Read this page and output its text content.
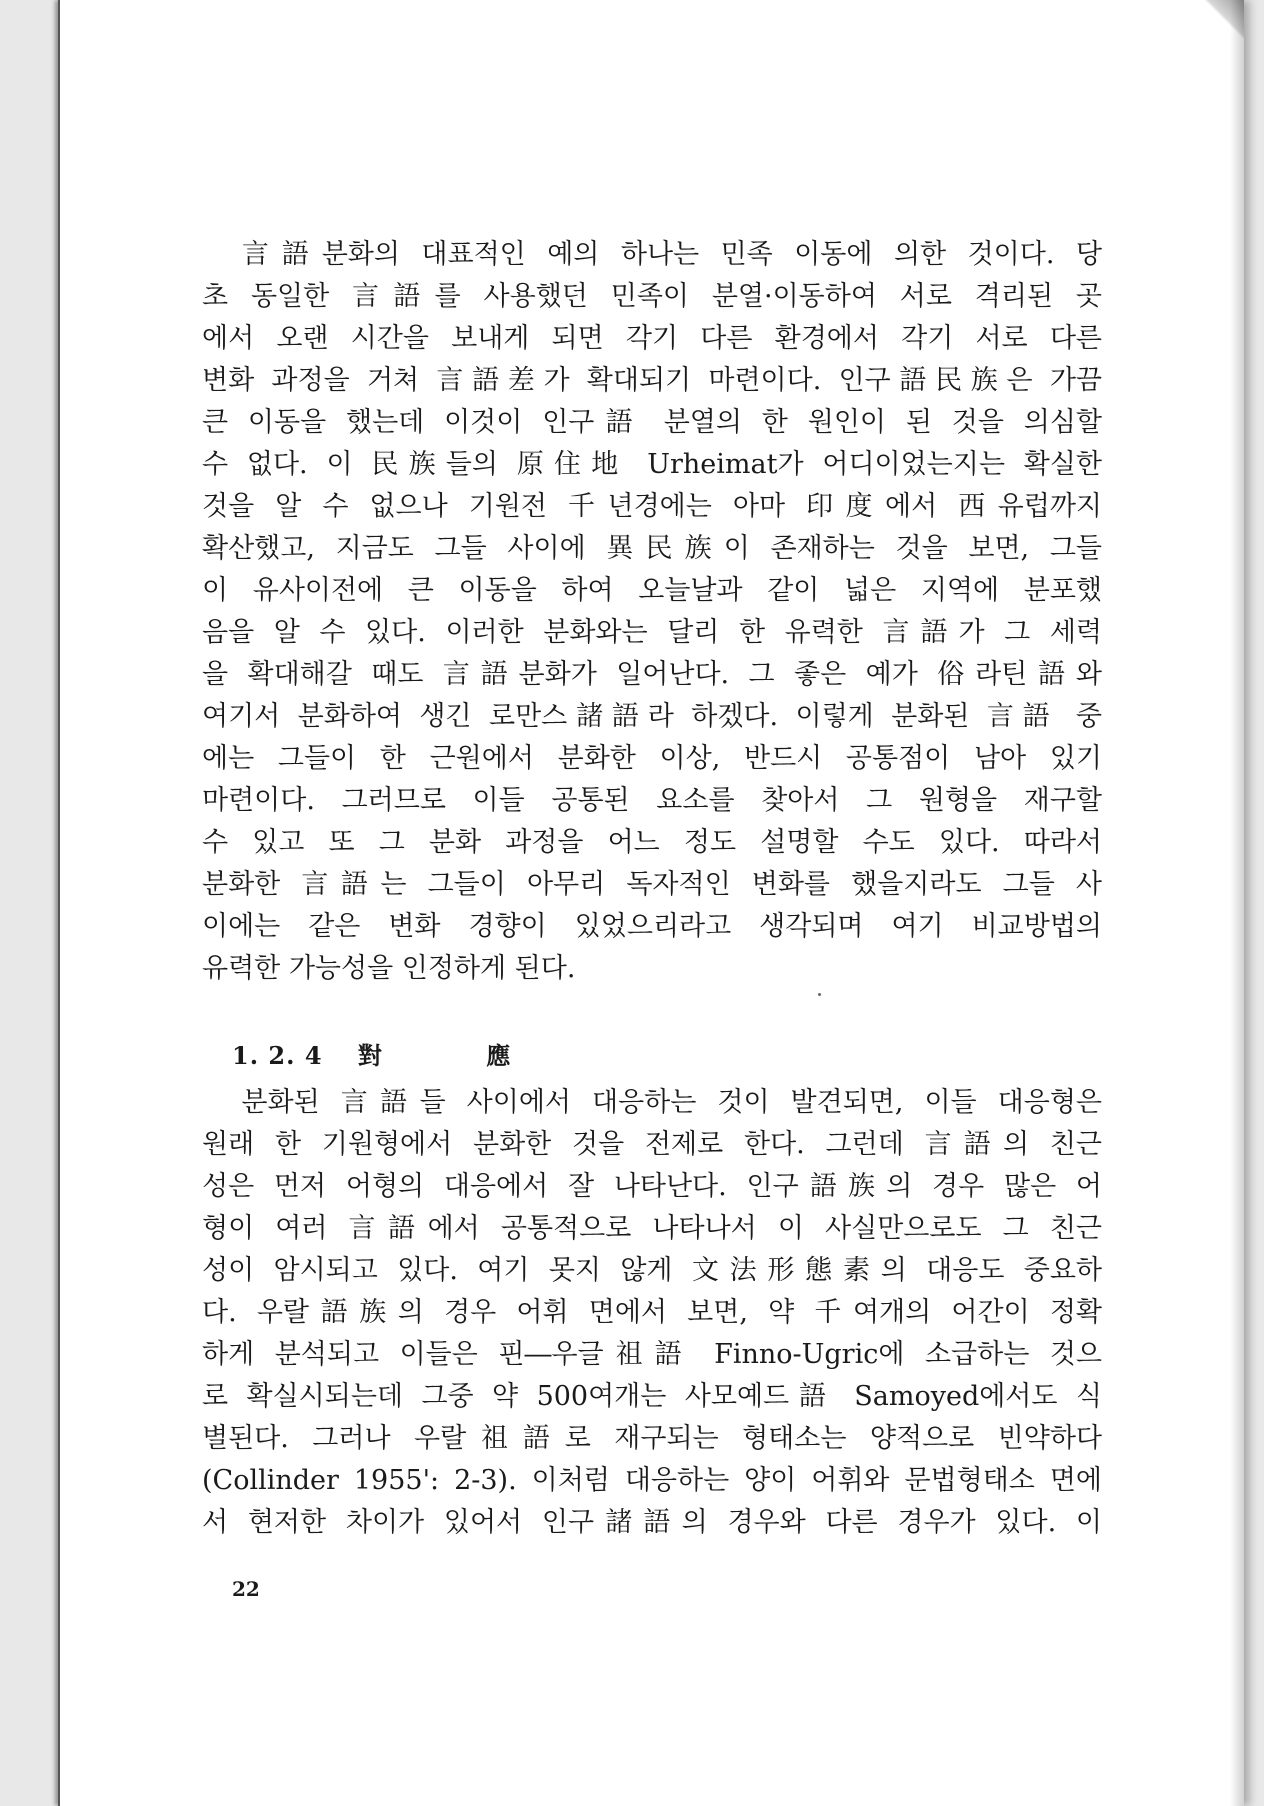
　言語분화의 대표적인 예의 하나는 민족 이동에 의한 것이다. 당
초 동일한 言語를 사용했던 민족이 분열·이동하여 서로 격리된 곳
에서 오랜 시간을 보내게 되면 각기 다른 환경에서 각기 서로 다른
변화 과정을 거쳐 言語差가 확대되기 마련이다. 인구語民族은 가끔
큰 이동을 했는데 이것이 인구語 분열의 한 원인이 된 것을 의심할
수 없다. 이 民族들의 原住地 Urheimat가 어디이었는지는 확실한
것을 알 수 없으나 기원전 千년경에는 아마 印度에서 西유럽까지
확산했고, 지금도 그들 사이에 異民族이 존재하는 것을 보면, 그들
이 유사이전에 큰 이동을 하여 오늘날과 같이 넓은 지역에 분포했
음을 알 수 있다. 이러한 분화와는 달리 한 유력한 言語가 그 세력
을 확대해갈 때도 言語분화가 일어난다. 그 좋은 예가 俗라틴語와
여기서 분화하여 생긴 로만스諸語라 하겠다. 이렇게 분화된 言語 중
에는 그들이 한 근원에서 분화한 이상, 반드시 공통점이 남아 있기
마련이다. 그러므로 이들 공통된 요소를 찾아서 그 원형을 재구할
수 있고 또 그 분화 과정을 어느 정도 설명할 수도 있다. 따라서
분화한 言語는 그들이 아무리 독자적인 변화를 했을지라도 그들 사
이에는 같은 변화 경향이 있었으리라고 생각되며 여기 비교방법의
유력한 가능성을 인정하게 된다.
1. 2. 4 對 應
　분화된 言語들 사이에서 대응하는 것이 발견되면, 이들 대응형은
원래 한 기원형에서 분화한 것을 전제로 한다. 그런데 言語의 친근
성은 먼저 어형의 대응에서 잘 나타난다. 인구語族의 경우 많은 어
형이 여러 言語에서 공통적으로 나타나서 이 사실만으로도 그 친근
성이 암시되고 있다. 여기 못지 않게 文法形態素의 대응도 중요하
다. 우랄語族의 경우 어휘 면에서 보면, 약 千여개의 어간이 정확
하게 분석되고 이들은 핀―우글祖語 Finno-Ugric에 소급하는 것으
로 확실시되는데 그중 약 500여개는 사모예드語 Samoyed에서도 식
별된다. 그러나 우랄祖語로 재구되는 형태소는 양적으로 빈약하다
(Collinder 1955': 2-3). 이처럼 대응하는 양이 어휘와 문법형태소 면에
서 현저한 차이가 있어서 인구諸語의 경우와 다른 경우가 있다. 이
22
